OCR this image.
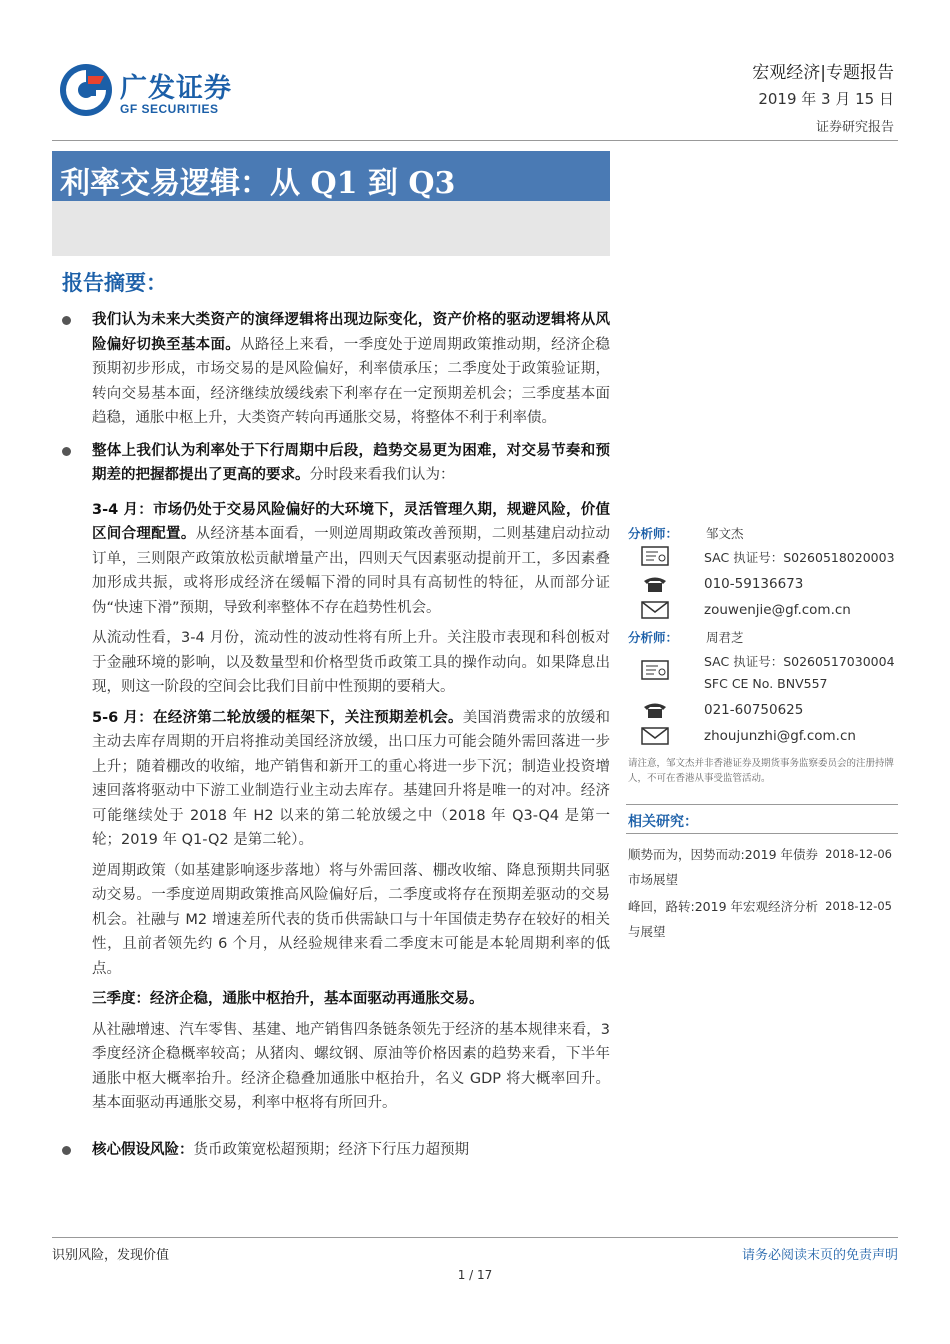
广发证券
GF SECURITIES
宏观经济|专题报告
2019 年 3 月 15 日
证券研究报告
利率交易逻辑：从 Q1 到 Q3
报告摘要：
我们认为未来大类资产的演绎逻辑将出现边际变化，资产价格的驱动逻辑将从风险偏好切换至基本面。从路径上来看，一季度处于逆周期政策推动期，经济企稳预期初步形成，市场交易的是风险偏好，利率债承压；二季度处于政策验证期，转向交易基本面，经济继续放缓线索下利率存在一定预期差机会；三季度基本面趋稳，通胀中枢上升，大类资产转向再通胀交易，将整体不利于利率债。
整体上我们认为利率处于下行周期中后段，趋势交易更为困难，对交易节奏和预期差的把握都提出了更高的要求。分时段来看我们认为：
3-4 月：市场仍处于交易风险偏好的大环境下，灵活管理久期，规避风险，价值区间合理配置。从经济基本面看，一则逆周期政策改善预期，二则基建启动拉动订单，三则限产政策放松贡献增量产出，四则天气因素驱动提前开工，多因素叠加形成共振，或将形成经济在缓幅下滑的同时具有高韧性的特征，从而部分证伪“快速下滑”预期，导致利率整体不存在趋势性机会。
从流动性看，3-4 月份，流动性的波动性将有所上升。关注股市表现和科创板对于金融环境的影响，以及数量型和价格型货币政策工具的操作动向。如果降息出现，则这一阶段的空间会比我们目前中性预期的要稍大。
5-6 月：在经济第二轮放缓的框架下，关注预期差机会。美国消费需求的放缓和主动去库存周期的开启将推动美国经济放缓，出口压力可能会随外需回落进一步上升；随着棚改的收缩，地产销售和新开工的重心将进一步下沉；制造业投资增速回落将驱动中下游工业制造行业主动去库存。基建回升将是唯一的对冲。经济可能继续处于 2018 年 H2 以来的第二轮放缓之中（2018 年 Q3-Q4 是第一轮；2019 年 Q1-Q2 是第二轮）。
逆周期政策（如基建影响逐步落地）将与外需回落、棚改收缩、降息预期共同驱动交易。一季度逆周期政策推高风险偏好后，二季度或将存在预期差驱动的交易机会。社融与 M2 增速差所代表的货币供需缺口与十年国债走势存在较好的相关性，且前者领先约 6 个月，从经验规律来看二季度末可能是本轮周期利率的低点。
三季度：经济企稳，通胀中枢抬升，基本面驱动再通胀交易。
从社融增速、汽车零售、基建、地产销售四条链条领先于经济的基本规律来看，3 季度经济企稳概率较高；从猪肉、螺纹钢、原油等价格因素的趋势来看，下半年通胀中枢大概率抬升。经济企稳叠加通胀中枢抬升，名义 GDP 将大概率回升。基本面驱动再通胀交易，利率中枢将有所回升。
核心假设风险：货币政策宽松超预期；经济下行压力超预期
分析师： 邹文杰
SAC 执证号：S0260518020003
010-59136673
zouwenjie@gf.com.cn
分析师： 周君芝
SAC 执证号：S0260517030004
SFC CE No. BNV557
021-60750625
zhoujunzhi@gf.com.cn
请注意，邹文杰并非香港证券及期货事务监察委员会的注册持牌人，不可在香港从事受监管活动。
相关研究：
顺势而为，因势而动:2019 年债券市场展望
2018-12-06
峰回，路转:2019 年宏观经济分析与展望
2018-12-05
识别风险，发现价值	请务必阅读末页的免责声明
1 / 17
